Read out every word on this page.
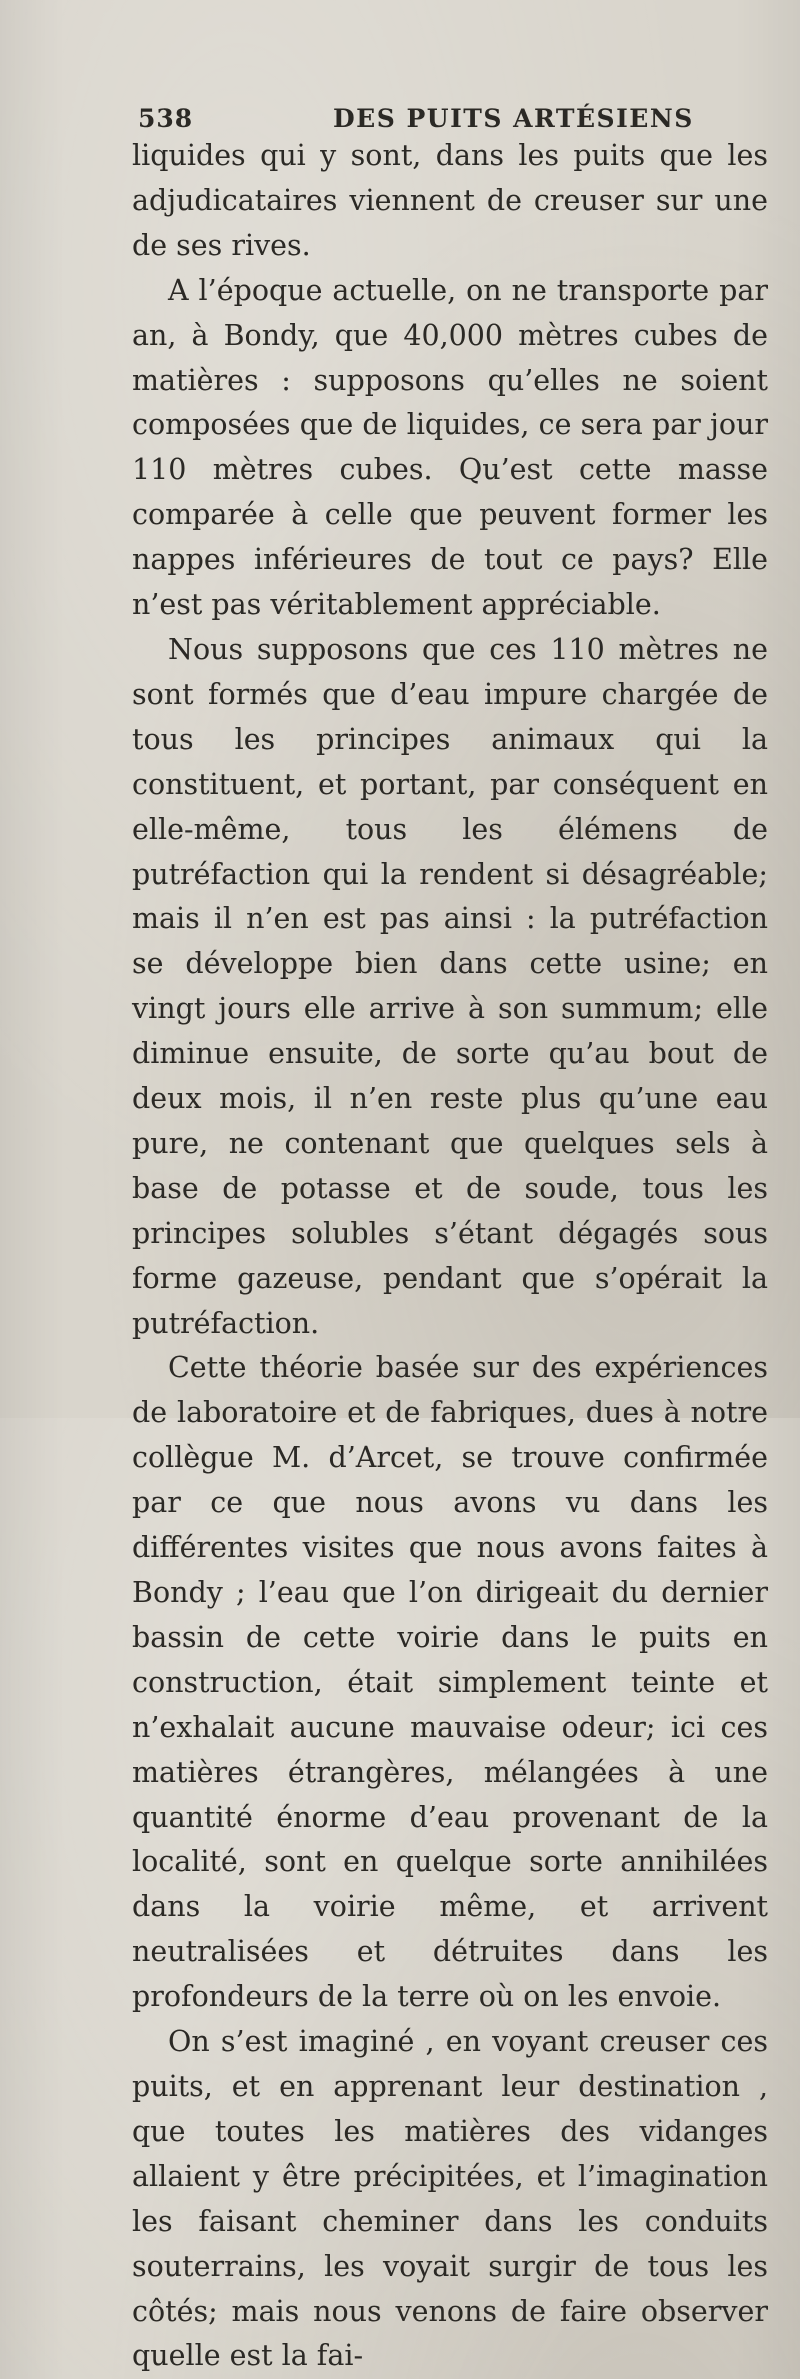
538	DES PUITS ARTÉSIENS

liquides qui y sont, dans les puits que les adjudicataires viennent de creuser sur une de ses rives.

A l’époque actuelle, on ne transporte par an, à Bondy, que 40,000 mètres cubes de matières : supposons qu’elles ne soient composées que de liquides, ce sera par jour 110 mètres cubes. Qu’est cette masse comparée à celle que peuvent former les nappes inférieures de tout ce pays? Elle n’est pas véritablement appréciable.

Nous supposons que ces 110 mètres ne sont formés que d’eau impure chargée de tous les principes animaux qui la constituent, et portant, par conséquent en elle-même, tous les élémens de putréfaction qui la rendent si désagréable; mais il n’en est pas ainsi : la putréfaction se développe bien dans cette usine; en vingt jours elle arrive à son summum; elle diminue ensuite, de sorte qu’au bout de deux mois, il n’en reste plus qu’une eau pure, ne contenant que quelques sels à base de potasse et de soude, tous les principes solubles s’étant dégagés sous forme gazeuse, pendant que s’opérait la putréfaction.

Cette théorie basée sur des expériences de laboratoire et de fabriques, dues à notre collègue M. d’Arcet, se trouve confirmée par ce que nous avons vu dans les différentes visites que nous avons faites à Bondy ; l’eau que l’on dirigeait du dernier bassin de cette voirie dans le puits en construction, était simplement teinte et n’exhalait aucune mauvaise odeur; ici ces matières étrangères, mélangées à une quantité énorme d’eau provenant de la localité, sont en quelque sorte annihilées dans la voirie même, et arrivent neutralisées et détruites dans les profondeurs de la terre où on les envoie.

On s’est imaginé , en voyant creuser ces puits, et en apprenant leur destination , que toutes les matières des vidanges allaient y être précipitées, et l’imagination les faisant cheminer dans les conduits souterrains, les voyait surgir de tous les côtés; mais nous venons de faire observer quelle est la fai-
